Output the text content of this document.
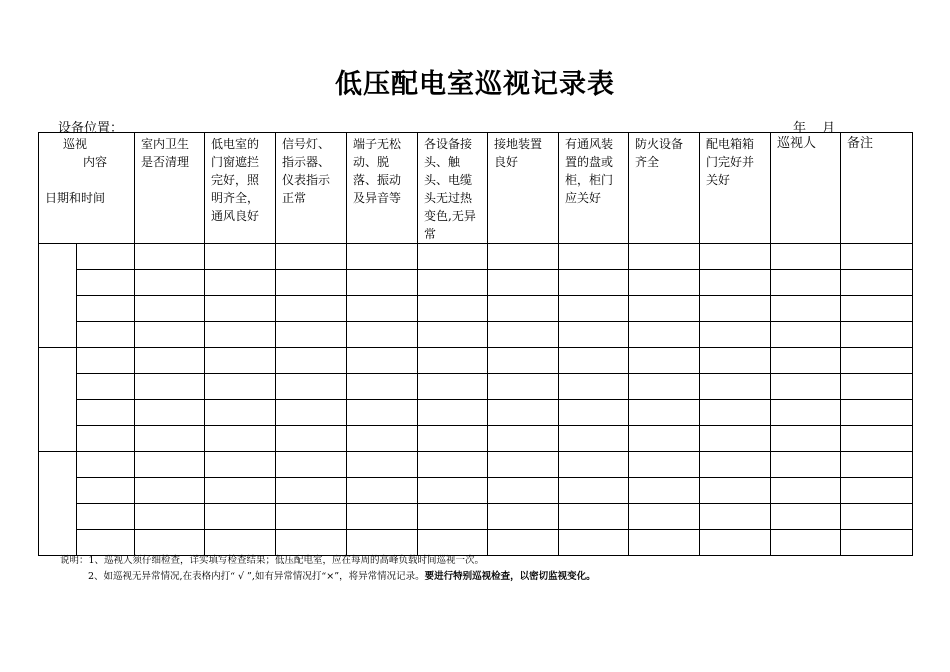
低压配电室巡视记录表
设备位置：	年 月
巡视
内容
日期和时间		室内卫生是否清理	低电室的门窗遮拦完好，照明齐全，通风良好	信号灯、指示器、仪表指示正常	端子无松动、脱落、振动及异音等	各设备接头、触头、电缆头无过热变色,无异常	接地装置良好	有通风装置的盘或柜，柜门应关好	防火设备齐全	配电箱箱门完好并关好	巡视人	备注

说明：1、巡视人须仔细检查，详实填写检查结果；低压配电室，应在每周的高峰负载时间巡视一次。
2、如巡视无异常情况,在表格内打“ √ ”,如有异常情况打“×”，将异常情况记录。要进行特别巡视检查，以密切监视变化。
